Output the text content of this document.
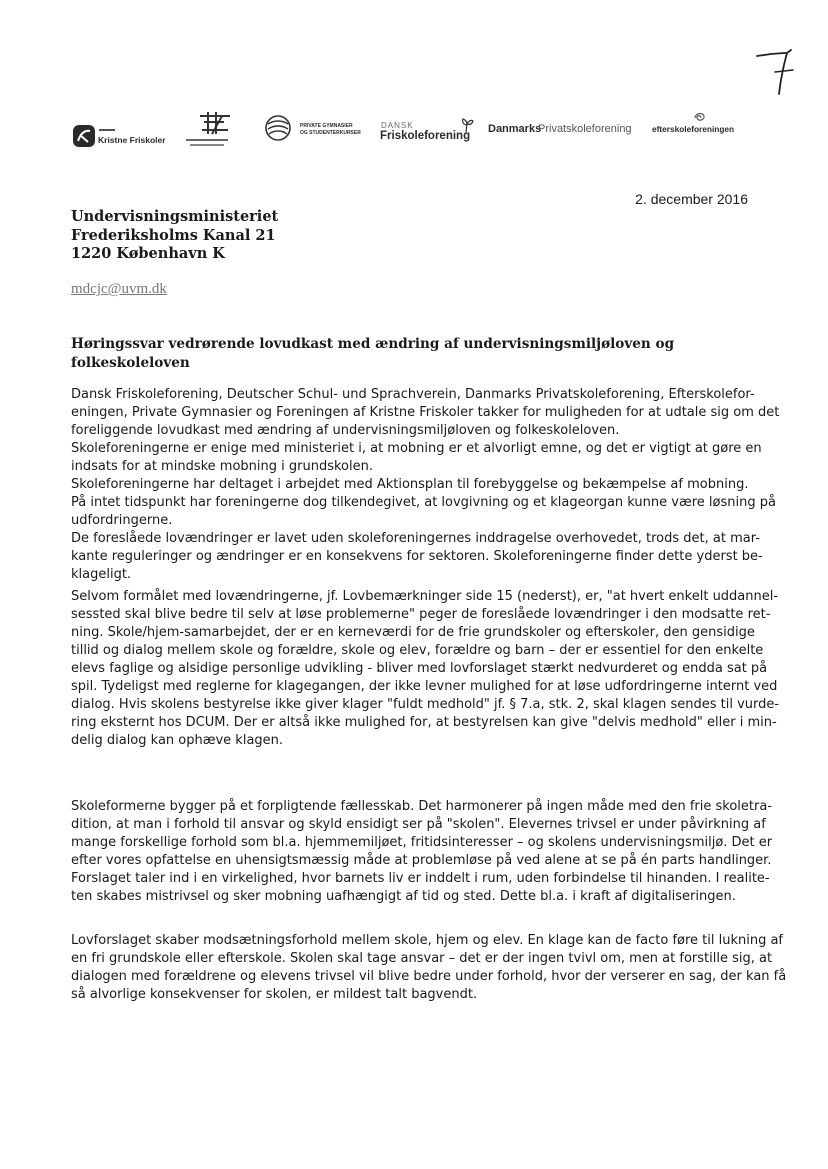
Kristne Friskoler
PRIVATE GYMNASIER
OG STUDENTERKURSER
DANSK
Friskoleforening
Danmarks
Privatskoleforening efterskoleforeningen
2. december 2016
Undervisningsministeriet
Frederiksholms Kanal 21
1220 København K
mdcjc@uvm.dk
Høringssvar vedrørende lovudkast med ændring af undervisningsmiljøloven og
folkeskoleloven
Dansk Friskoleforening, Deutscher Schul- und Sprachverein, Danmarks Privatskoleforening, Efterskolefor-
eningen, Private Gymnasier og Foreningen af Kristne Friskoler takker for muligheden for at udtale sig om det
foreliggende lovudkast med ændring af undervisningsmiljøloven og folkeskoleloven.
Skoleforeningerne er enige med ministeriet i, at mobning er et alvorligt emne, og det er vigtigt at gøre en
indsats for at mindske mobning i grundskolen.
Skoleforeningerne har deltaget i arbejdet med Aktionsplan til forebyggelse og bekæmpelse af mobning.
På intet tidspunkt har foreningerne dog tilkendegivet, at lovgivning og et klageorgan kunne være løsning på
udfordringerne.
De foreslåede lovændringer er lavet uden skoleforeningernes inddragelse overhovedet, trods det, at mar-
kante reguleringer og ændringer er en konsekvens for sektoren. Skoleforeningerne finder dette yderst be-
klageligt.
Selvom formålet med lovændringerne, jf. Lovbemærkninger side 15 (nederst), er, "at hvert enkelt uddannel-
sessted skal blive bedre til selv at løse problemerne" peger de foreslåede lovændringer i den modsatte ret-
ning. Skole/hjem-samarbejdet, der er en kerneværdi for de frie grundskoler og efterskoler, den gensidige
tillid og dialog mellem skole og forældre, skole og elev, forældre og barn – der er essentiel for den enkelte
elevs faglige og alsidige personlige udvikling - bliver med lovforslaget stærkt nedvurderet og endda sat på
spil. Tydeligst med reglerne for klagegangen, der ikke levner mulighed for at løse udfordringerne internt ved
dialog. Hvis skolens bestyrelse ikke giver klager "fuldt medhold" jf. § 7.a, stk. 2, skal klagen sendes til vurde-
ring eksternt hos DCUM. Der er altså ikke mulighed for, at bestyrelsen kan give "delvis medhold" eller i min-
delig dialog kan ophæve klagen.
Skoleformerne bygger på et forpligtende fællesskab. Det harmonerer på ingen måde med den frie skoletra-
dition, at man i forhold til ansvar og skyld ensidigt ser på "skolen". Elevernes trivsel er under påvirkning af
mange forskellige forhold som bl.a. hjemmemiljøet, fritidsinteresser – og skolens undervisningsmiljø. Det er
efter vores opfattelse en uhensigtsmæssig måde at problemløse på ved alene at se på én parts handlinger.
Forslaget taler ind i en virkelighed, hvor barnets liv er inddelt i rum, uden forbindelse til hinanden. I realite-
ten skabes mistrivsel og sker mobning uafhængigt af tid og sted. Dette bl.a. i kraft af digitaliseringen.
Lovforslaget skaber modsætningsforhold mellem skole, hjem og elev. En klage kan de facto føre til lukning af
en fri grundskole eller efterskole. Skolen skal tage ansvar – det er der ingen tvivl om, men at forstille sig, at
dialogen med forældrene og elevens trivsel vil blive bedre under forhold, hvor der verserer en sag, der kan få
så alvorlige konsekvenser for skolen, er mildest talt bagvendt.
